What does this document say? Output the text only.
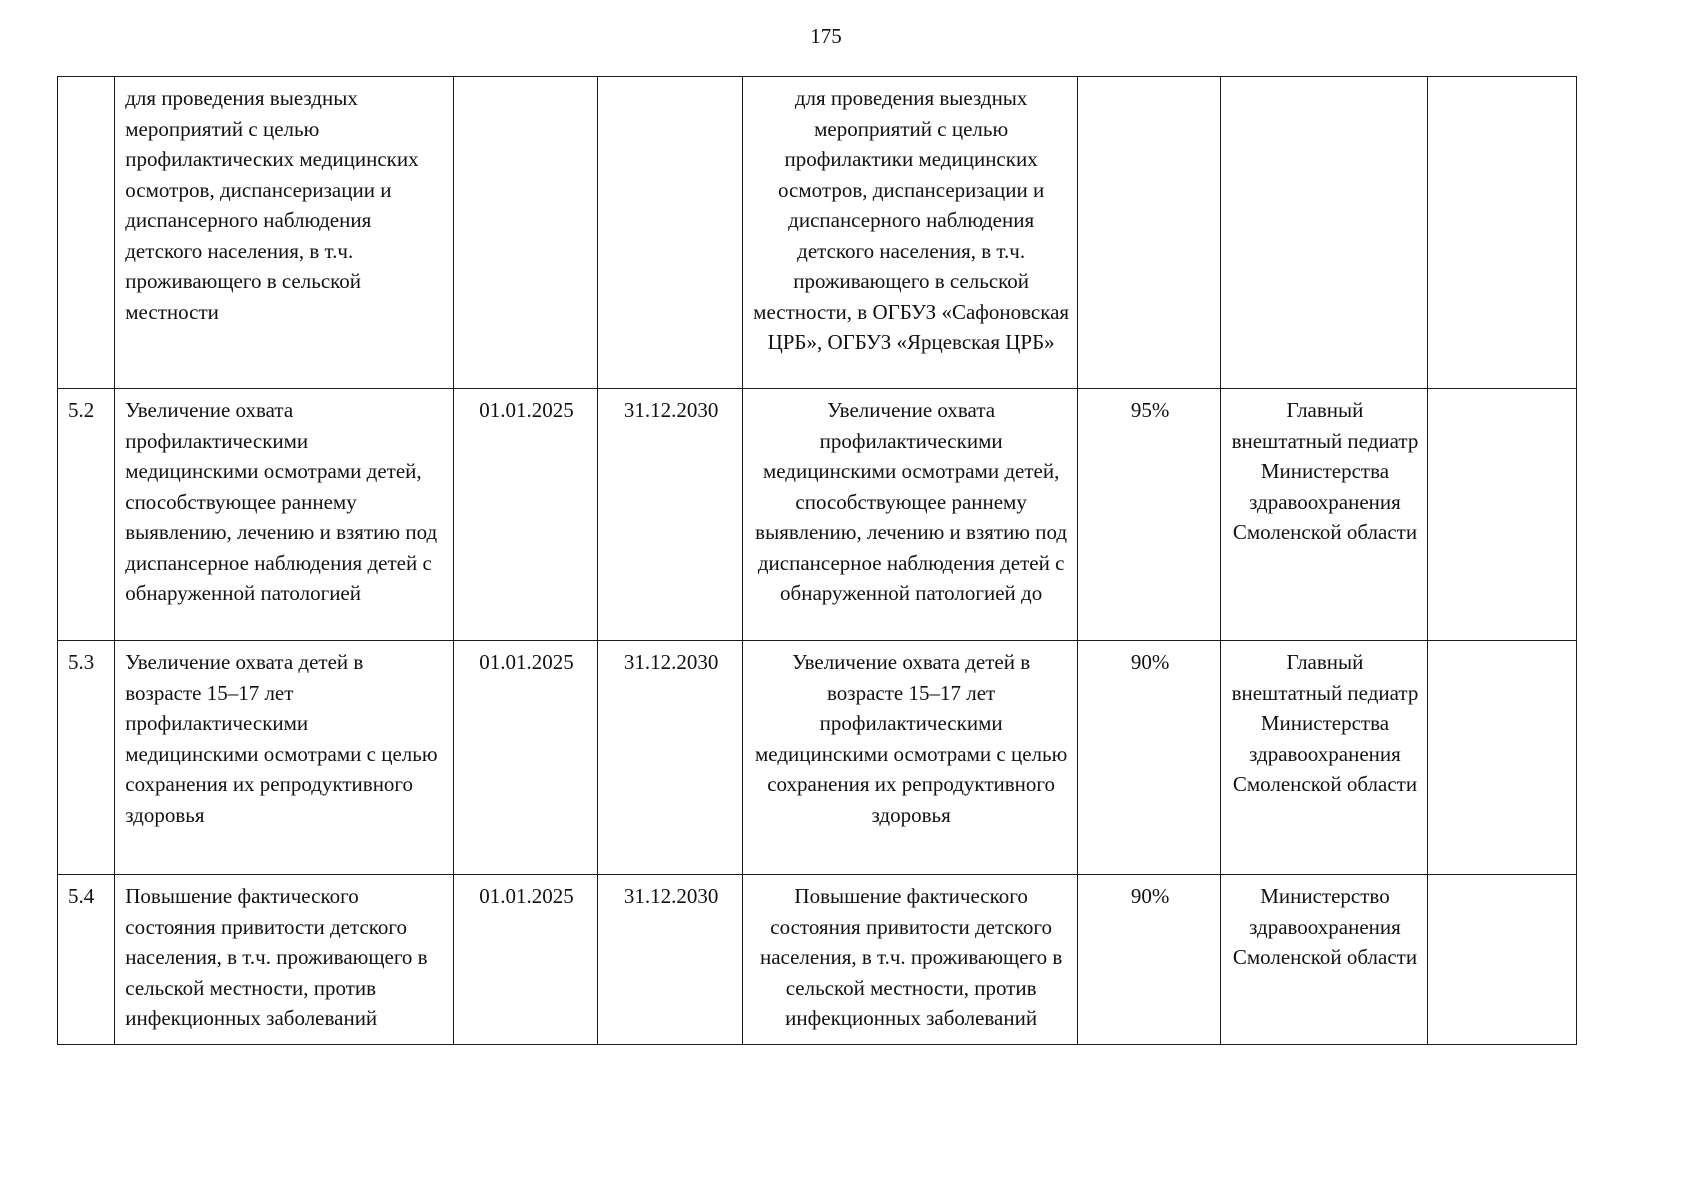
175
	для проведения выездных мероприятий с целью профилактических медицинских осмотров, диспансеризации и диспансерного наблюдения детского населения, в т.ч. проживающего в сельской местности			для проведения выездных мероприятий с целью профилактики медицинских осмотров, диспансеризации и диспансерного наблюдения детского населения, в т.ч. проживающего в сельской местности, в ОГБУЗ «Сафоновская ЦРБ», ОГБУЗ «Ярцевская ЦРБ»			
5.2	Увеличение охвата профилактическими медицинскими осмотрами детей, способствующее раннему выявлению, лечению и взятию под диспансерное наблюдения детей с обнаруженной патологией	01.01.2025	31.12.2030	Увеличение охвата профилактическими медицинскими осмотрами детей, способствующее раннему выявлению, лечению и взятию под диспансерное наблюдения детей с обнаруженной патологией до	95%	Главный внештатный педиатр Министерства здравоохранения Смоленской области	
5.3	Увеличение охвата детей в возрасте 15–17 лет профилактическими медицинскими осмотрами с целью сохранения их репродуктивного здоровья	01.01.2025	31.12.2030	Увеличение охвата детей в возрасте 15–17 лет профилактическими медицинскими осмотрами с целью сохранения их репродуктивного здоровья	90%	Главный внештатный педиатр Министерства здравоохранения Смоленской области	
5.4	Повышение фактического состояния привитости детского населения, в т.ч. проживающего в сельской местности, против инфекционных заболеваний	01.01.2025	31.12.2030	Повышение фактического состояния привитости детского населения, в т.ч. проживающего в сельской местности, против инфекционных заболеваний	90%	Министерство здравоохранения Смоленской области	
